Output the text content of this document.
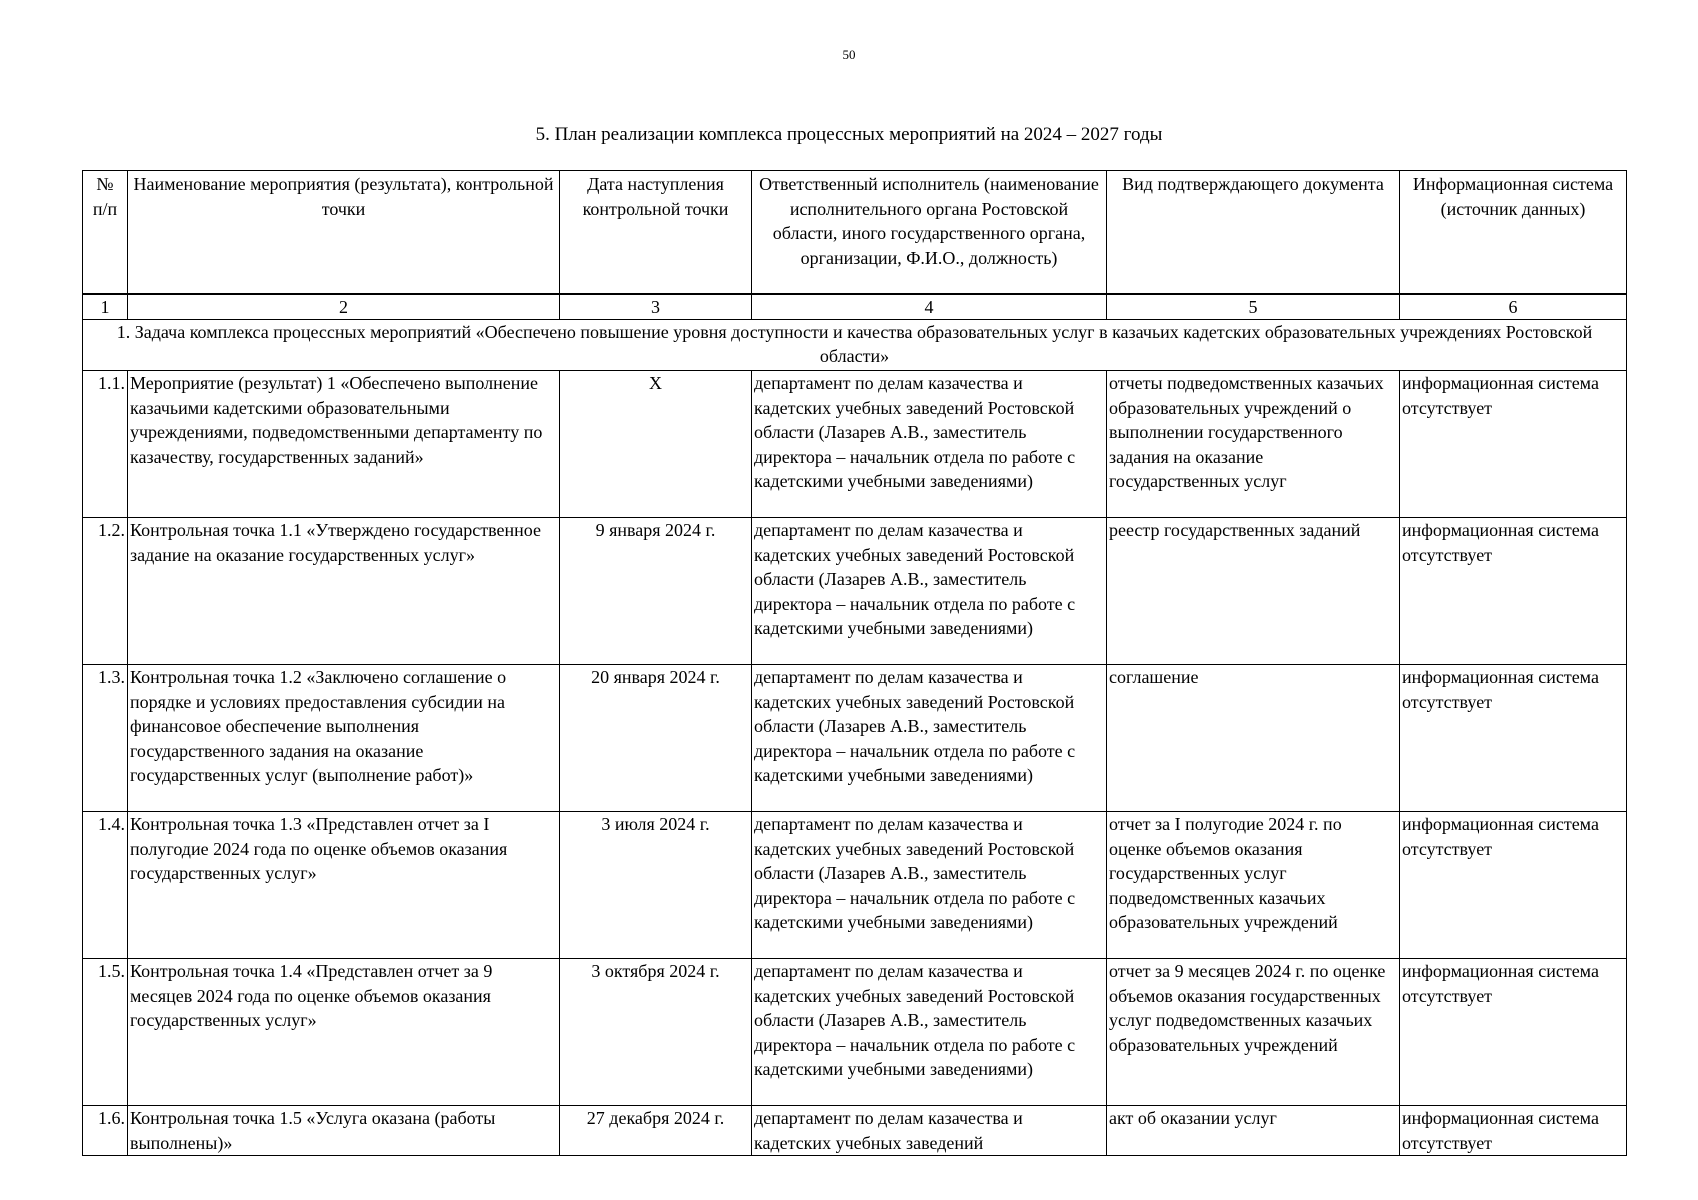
50
5. План реализации комплекса процессных мероприятий на 2024 – 2027 годы
№ п/п	Наименование мероприятия (результата), контрольной точки	Дата наступления контрольной точки	Ответственный исполнитель (наименование исполнительного органа Ростовской области, иного государственного органа, организации, Ф.И.О., должность)	Вид подтверждающего документа	Информационная система (источник данных)
1	2	3	4	5	6
1. Задача комплекса процессных мероприятий «Обеспечено повышение уровня доступности и качества образовательных услуг в казачьих кадетских образовательных учреждениях Ростовской области»					
1.1.	Мероприятие (результат) 1 «Обеспечено выполнение казачьими кадетскими образовательными учреждениями, подведомственными департаменту по казачеству, государственных заданий»	Х	департамент по делам казачества и кадетских учебных заведений Ростовской области (Лазарев А.В., заместитель директора – начальник отдела по работе с кадетскими учебными заведениями)	отчеты подведомственных казачьих образовательных учреждений о выполнении государственного задания на оказание государственных услуг	информационная система отсутствует
1.2.	Контрольная точка 1.1 «Утверждено государственное задание на оказание государственных услуг»	9 января 2024 г.	департамент по делам казачества и кадетских учебных заведений Ростовской области (Лазарев А.В., заместитель директора – начальник отдела по работе с кадетскими учебными заведениями)	реестр государственных заданий	информационная система отсутствует
1.3.	Контрольная точка 1.2 «Заключено соглашение о порядке и условиях предоставления субсидии на финансовое обеспечение выполнения государственного задания на оказание государственных услуг (выполнение работ)»	20 января 2024 г.	департамент по делам казачества и кадетских учебных заведений Ростовской области (Лазарев А.В., заместитель директора – начальник отдела по работе с кадетскими учебными заведениями)	соглашение	информационная система отсутствует
1.4.	Контрольная точка 1.3 «Представлен отчет за I полугодие 2024 года по оценке объемов оказания государственных услуг»	3 июля 2024 г.	департамент по делам казачества и кадетских учебных заведений Ростовской области (Лазарев А.В., заместитель директора – начальник отдела по работе с кадетскими учебными заведениями)	отчет за I полугодие 2024 г. по оценке объемов оказания государственных услуг подведомственных казачьих образовательных учреждений	информационная система отсутствует
1.5.	Контрольная точка 1.4 «Представлен отчет за 9 месяцев 2024 года по оценке объемов оказания государственных услуг»	3 октября 2024 г.	департамент по делам казачества и кадетских учебных заведений Ростовской области (Лазарев А.В., заместитель директора – начальник отдела по работе с кадетскими учебными заведениями)	отчет за 9 месяцев 2024 г. по оценке объемов оказания государственных услуг подведомственных казачьих образовательных учреждений	информационная система отсутствует
1.6.	Контрольная точка 1.5 «Услуга оказана (работы выполнены)»	27 декабря 2024 г.	департамент по делам казачества и кадетских учебных заведений	акт об оказании услуг	информационная система отсутствует
